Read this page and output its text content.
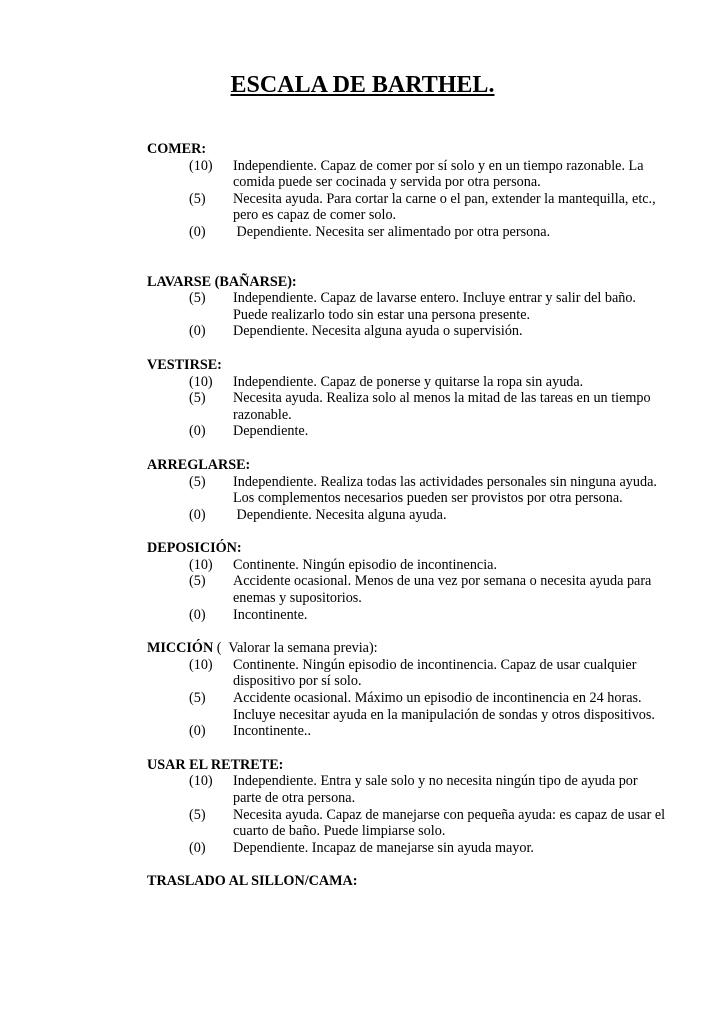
ESCALA DE BARTHEL.

COMER:

(10)	Independiente. Capaz de comer por sí solo y en un tiempo razonable. La comida puede ser cocinada y servida por otra persona.
(5)	Necesita ayuda. Para cortar la carne o el pan, extender la mantequilla, etc., pero es capaz de comer solo.
(0)	Dependiente. Necesita ser alimentado por otra persona.

LAVARSE (BAÑARSE):

(5)	Independiente. Capaz de lavarse entero. Incluye entrar y salir del baño. Puede realizarlo todo sin estar una persona presente.
(0)	Dependiente. Necesita alguna ayuda o supervisión.

VESTIRSE:

(10)	Independiente. Capaz de ponerse y quitarse la ropa sin ayuda.
(5)	Necesita ayuda. Realiza solo al menos la mitad de las tareas en un tiempo razonable.
(0)	Dependiente.

ARREGLARSE:

(5)	Independiente. Realiza todas las actividades personales sin ninguna ayuda. Los complementos necesarios pueden ser provistos por otra persona.
(0)	Dependiente. Necesita alguna ayuda.

DEPOSICIÓN:

(10)	Continente. Ningún episodio de incontinencia.
(5)	Accidente ocasional. Menos de una vez por semana o necesita ayuda para enemas y supositorios.
(0)	Incontinente.

MICCIÓN (  Valorar la semana previa):

(10)	Continente. Ningún episodio de incontinencia. Capaz de usar cualquier dispositivo por sí solo.
(5)	Accidente ocasional. Máximo un episodio de incontinencia en 24 horas. Incluye necesitar ayuda en la manipulación de sondas y otros dispositivos.
(0)	Incontinente..

USAR EL RETRETE:

(10)	Independiente. Entra y sale solo y no necesita ningún tipo de ayuda por parte de otra persona.
(5)	Necesita ayuda. Capaz de manejarse con pequeña ayuda: es capaz de usar el cuarto de baño. Puede limpiarse solo.
(0)	Dependiente. Incapaz de manejarse sin ayuda mayor.

TRASLADO AL SILLON/CAMA:
